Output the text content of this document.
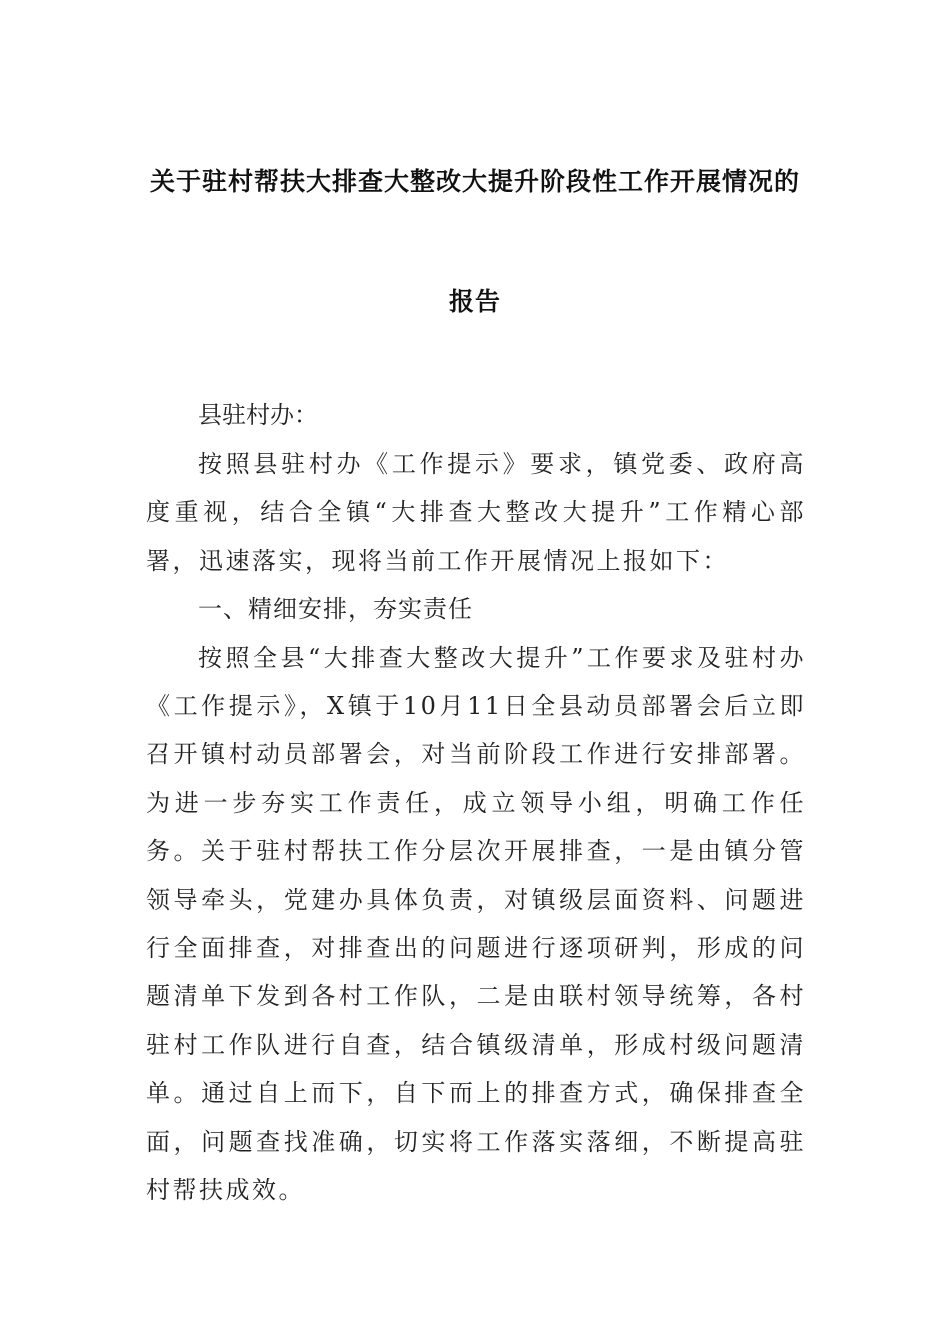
关于驻村帮扶大排查大整改大提升阶段性工作开展情况的
报告
县驻村办：

按照县驻村办《工作提示》要求，镇党委、政府高度重视，结合全镇“大排查大整改大提升”工作精心部署，迅速落实，现将当前工作开展情况上报如下：

一、精细安排，夯实责任

按照全县“大排查大整改大提升”工作要求及驻村办《工作提示》，X镇于10月11日全县动员部署会后立即召开镇村动员部署会，对当前阶段工作进行安排部署。为进一步夯实工作责任，成立领导小组，明确工作任务。关于驻村帮扶工作分层次开展排查，一是由镇分管领导牵头，党建办具体负责，对镇级层面资料、问题进行全面排查，对排查出的问题进行逐项研判，形成的问题清单下发到各村工作队，二是由联村领导统筹，各村驻村工作队进行自查，结合镇级清单，形成村级问题清单。通过自上而下，自下而上的排查方式，确保排查全面，问题查找准确，切实将工作落实落细，不断提高驻村帮扶成效。
